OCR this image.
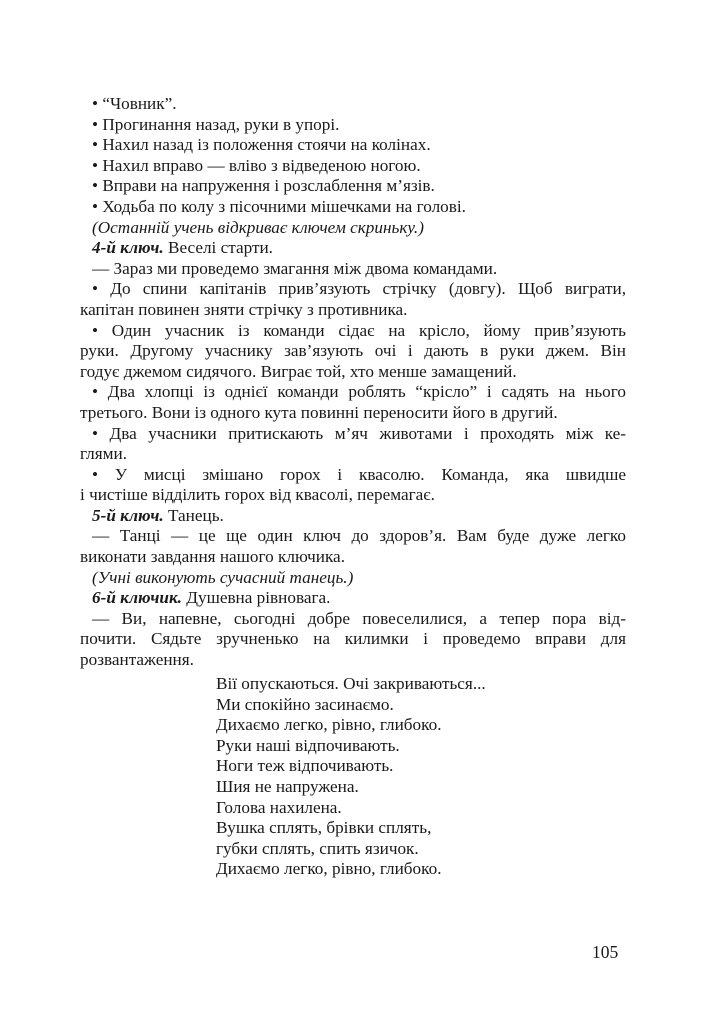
• “Човник”.
• Прогинання назад, руки в упорі.
• Нахил назад із положення стоячи на колінах.
• Нахил вправо — вліво з відведеною ногою.
• Вправи на напруження і розслаблення м’язів.
• Ходьба по колу з пісочними мішечками на голові.
(Останній учень відкриває ключем скриньку.)
4-й ключ. Веселі старти.
— Зараз ми проведемо змагання між двома командами.
• До спини капітанів прив’язують стрічку (довгу). Щоб виграти,
капітан повинен зняти стрічку з противника.
• Один учасник із команди сідає на крісло, йому прив’язують
руки. Другому учаснику зав’язують очі і дають в руки джем. Він
годує джемом сидячого. Виграє той, хто менше замащений.
• Два хлопці із однієї команди роблять “крісло” і садять на нього
третього. Вони із одного кута повинні переносити його в другий.
• Два учасники притискають м’яч животами і проходять між ке-
глями.
• У мисці змішано горох і квасолю. Команда, яка швидше
і чистіше відділить горох від квасолі, перемагає.
5-й ключ. Танець.
— Танці — це ще один ключ до здоров’я. Вам буде дуже легко
виконати завдання нашого ключика.
(Учні виконують сучасний танець.)
6-й ключик. Душевна рівновага.
— Ви, напевне, сьогодні добре повеселилися, а тепер пора від-
почити. Сядьте зручненько на килимки і проведемо вправи для
розвантаження.
Вії опускаються. Очі закриваються...
Ми спокійно засинаємо.
Дихаємо легко, рівно, глибоко.
Руки наші відпочивають.
Ноги теж відпочивають.
Шия не напружена.
Голова нахилена.
Вушка сплять, брівки сплять,
губки сплять, спить язичок.
Дихаємо легко, рівно, глибоко.
105
